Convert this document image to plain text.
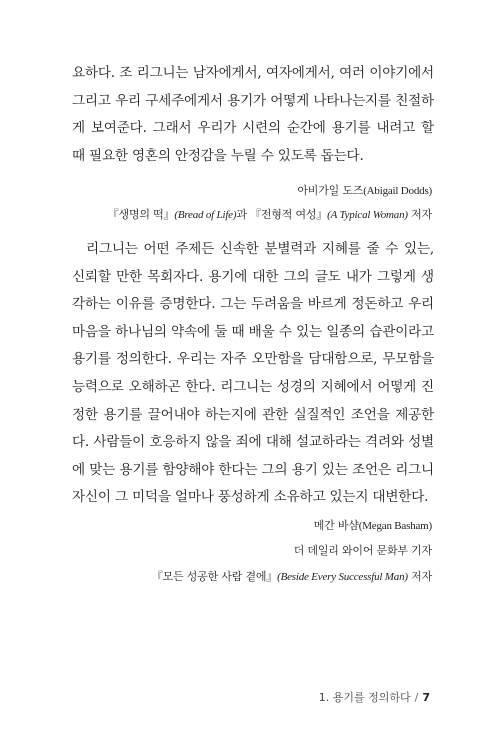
요하다. 조 리그니는 남자에게서, 여자에게서, 여러 이야기에서 그리고 우리 구세주에게서 용기가 어떻게 나타나는지를 친절하게 보여준다. 그래서 우리가 시련의 순간에 용기를 내려고 할 때 필요한 영혼의 안정감을 누릴 수 있도록 돕는다.

아비가일 도즈(Abigail Dodds)

『생명의 떡』(Bread of Life)과 『전형적 여성』(A Typical Woman) 저자

리그니는 어떤 주제든 신속한 분별력과 지혜를 줄 수 있는, 신뢰할 만한 목회자다. 용기에 대한 그의 글도 내가 그렇게 생각하는 이유를 증명한다. 그는 두려움을 바르게 정돈하고 우리 마음을 하나님의 약속에 둘 때 배울 수 있는 일종의 습관이라고 용기를 정의한다. 우리는 자주 오만함을 담대함으로, 무모함을 능력으로 오해하곤 한다. 리그니는 성경의 지혜에서 어떻게 진정한 용기를 끌어내야 하는지에 관한 실질적인 조언을 제공한다. 사람들이 호응하지 않을 죄에 대해 설교하라는 격려와 성별에 맞는 용기를 함양해야 한다는 그의 용기 있는 조언은 리그니 자신이 그 미덕을 얼마나 풍성하게 소유하고 있는지 대변한다.

메간 바샴(Megan Basham)

더 데일리 와이어 문화부 기자

『모든 성공한 사람 곁에』(Beside Every Successful Man) 저자

1. 용기를 정의하다 / 7
